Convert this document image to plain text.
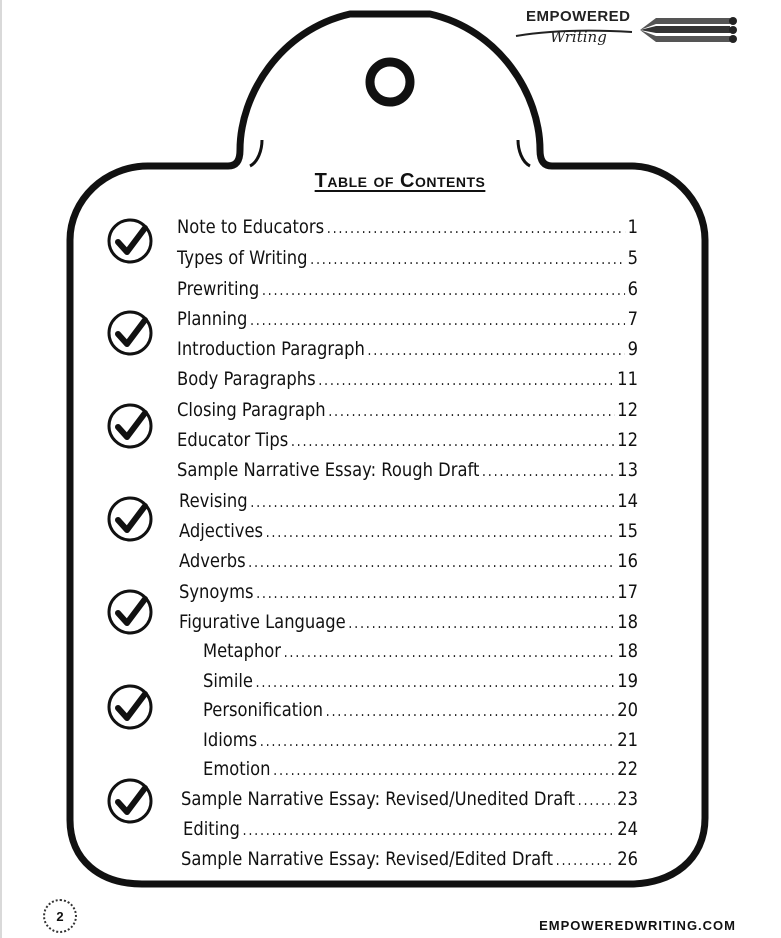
EMPOWERED
Writing
Table of Contents
Note to Educators .....	1
Types of Writing .....	5
Prewriting .....	6
Planning .....	7
Introduction Paragraph .....	9
Body Paragraphs .....	11
Closing Paragraph .....	12
Educator Tips .....	12
Sample Narrative Essay: Rough Draft .....	13
Revising .....	14
Adjectives .....	15
Adverbs .....	16
Synoyms .....	17
Figurative Language .....	18
Metaphor .....	18
Simile .....	19
Personification .....	20
Idioms .....	21
Emotion .....	22
Sample Narrative Essay: Revised/Unedited Draft ..... 23
Editing .....	24
Sample Narrative Essay: Revised/Edited Draft .....	26
2
EMPOWEREDWRITING.COM
